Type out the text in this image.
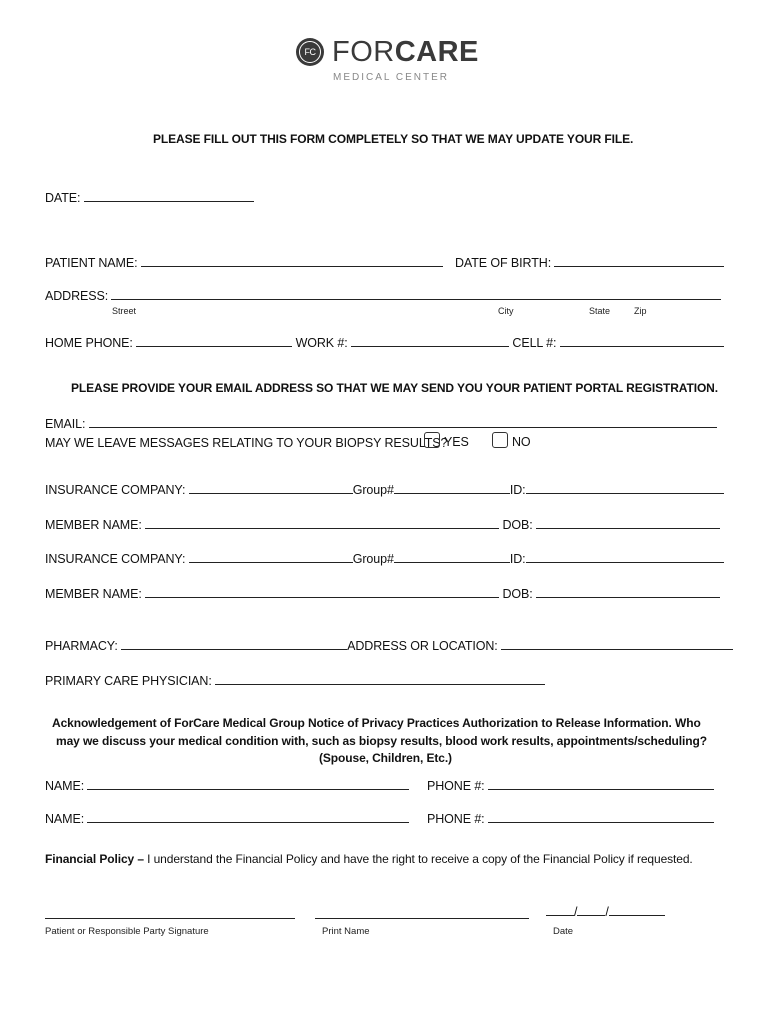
FC FORCARE
MEDICAL CENTER
PLEASE FILL OUT THIS FORM COMPLETELY SO THAT WE MAY UPDATE YOUR FILE.
DATE:
PATIENT NAME:	DATE OF BIRTH:
ADDRESS:
Street	City	State	Zip
HOME PHONE:	WORK #:	CELL #:
PLEASE PROVIDE YOUR EMAIL ADDRESS SO THAT WE MAY SEND YOU YOUR PATIENT PORTAL REGISTRATION.
EMAIL:
MAY WE LEAVE MESSAGES RELATING TO YOUR BIOPSY RESULTS?
YES	NO
INSURANCE COMPANY:	Group#	ID:
MEMBER NAME:	DOB:
INSURANCE COMPANY:	Group#	ID:
MEMBER NAME:	DOB:
PHARMACY:	ADDRESS OR LOCATION:
PRIMARY CARE PHYSICIAN:
Acknowledgement of ForCare Medical Group Notice of Privacy Practices Authorization to Release Information. Who
may we discuss your medical condition with, such as biopsy results, blood work results, appointments/scheduling?
(Spouse, Children, Etc.)
NAME:	PHONE #:
NAME:	PHONE #:
Financial Policy – I understand the Financial Policy and have the right to receive a copy of the Financial Policy if requested.
/ /
Patient or Responsible Party Signature	Print Name	Date
